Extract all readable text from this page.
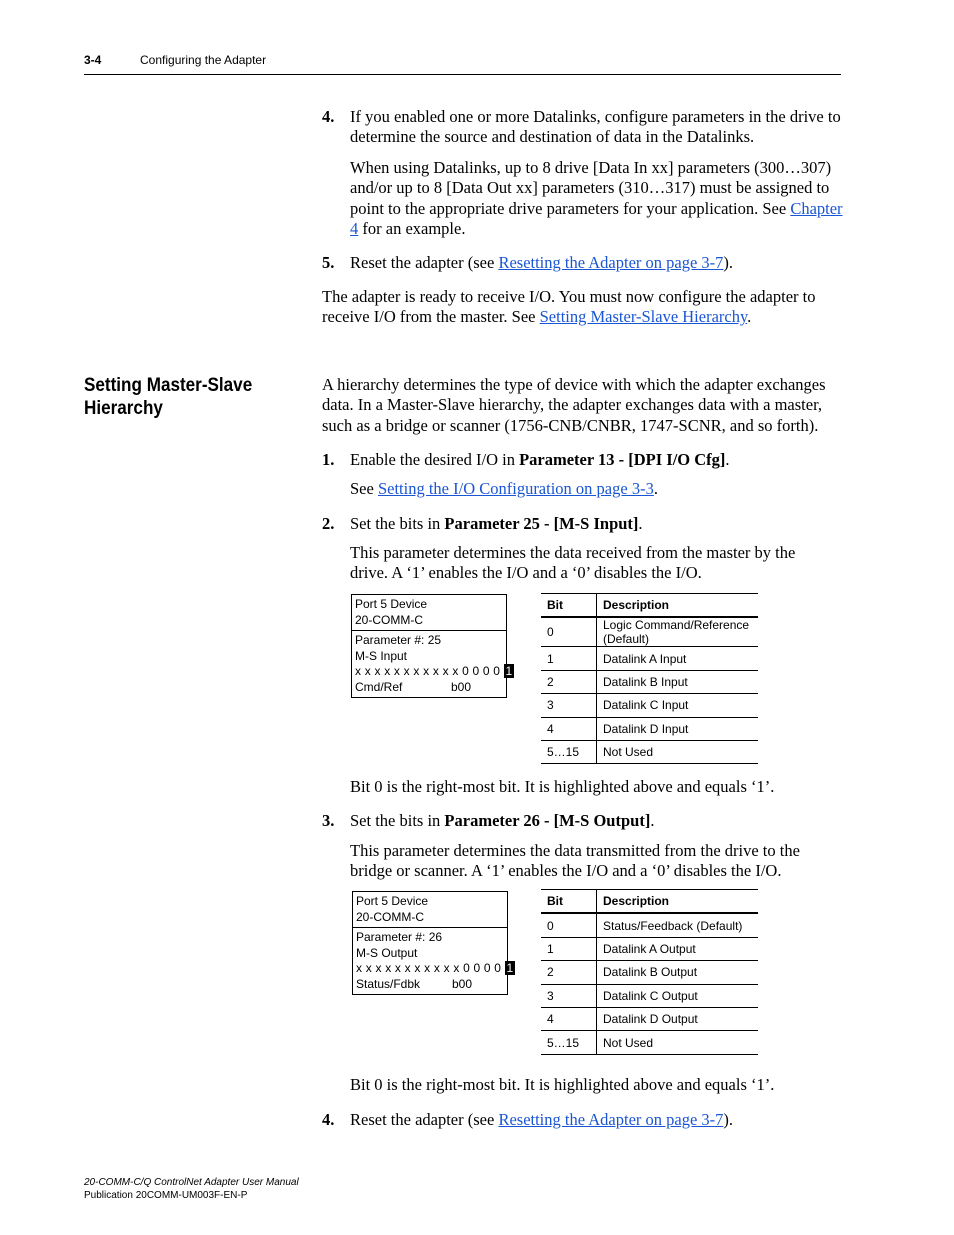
3-4	Configuring the Adapter
4. If you enabled one or more Datalinks, configure parameters in the drive to determine the source and destination of data in the Datalinks.
When using Datalinks, up to 8 drive [Data In xx] parameters (300…307) and/or up to 8 [Data Out xx] parameters (310…317) must be assigned to point to the appropriate drive parameters for your application. See Chapter 4 for an example.
5. Reset the adapter (see Resetting the Adapter on page 3-7).
The adapter is ready to receive I/O. You must now configure the adapter to receive I/O from the master. See Setting Master-Slave Hierarchy.
Setting Master-Slave Hierarchy
A hierarchy determines the type of device with which the adapter exchanges data. In a Master-Slave hierarchy, the adapter exchanges data with a master, such as a bridge or scanner (1756-CNB/CNBR, 1747-SCNR, and so forth).
1. Enable the desired I/O in Parameter 13 - [DPI I/O Cfg].
See Setting the I/O Configuration on page 3-3.
2. Set the bits in Parameter 25 - [M-S Input].
This parameter determines the data received from the master by the drive. A ‘1’ enables the I/O and a ‘0’ disables the I/O.
Port 5 Device
20-COMM-C
Parameter #: 25
M-S Input
x x x x x x x x x x x 0 0 0 0 1
Cmd/Ref	b00
Bit	Description
0	Logic Command/Reference (Default)
1	Datalink A Input
2	Datalink B Input
3	Datalink C Input
4	Datalink D Input
5…15	Not Used
Bit 0 is the right-most bit. It is highlighted above and equals ‘1’.
3. Set the bits in Parameter 26 - [M-S Output].
This parameter determines the data transmitted from the drive to the bridge or scanner. A ‘1’ enables the I/O and a ‘0’ disables the I/O.
Port 5 Device
20-COMM-C
Parameter #: 26
M-S Output
x x x x x x x x x x x 0 0 0 0 1
Status/Fdbk	b00
Bit	Description
0	Status/Feedback (Default)
1	Datalink A Output
2	Datalink B Output
3	Datalink C Output
4	Datalink D Output
5…15	Not Used
Bit 0 is the right-most bit. It is highlighted above and equals ‘1’.
4. Reset the adapter (see Resetting the Adapter on page 3-7).
20-COMM-C/Q ControlNet Adapter User Manual
Publication 20COMM-UM003F-EN-P
